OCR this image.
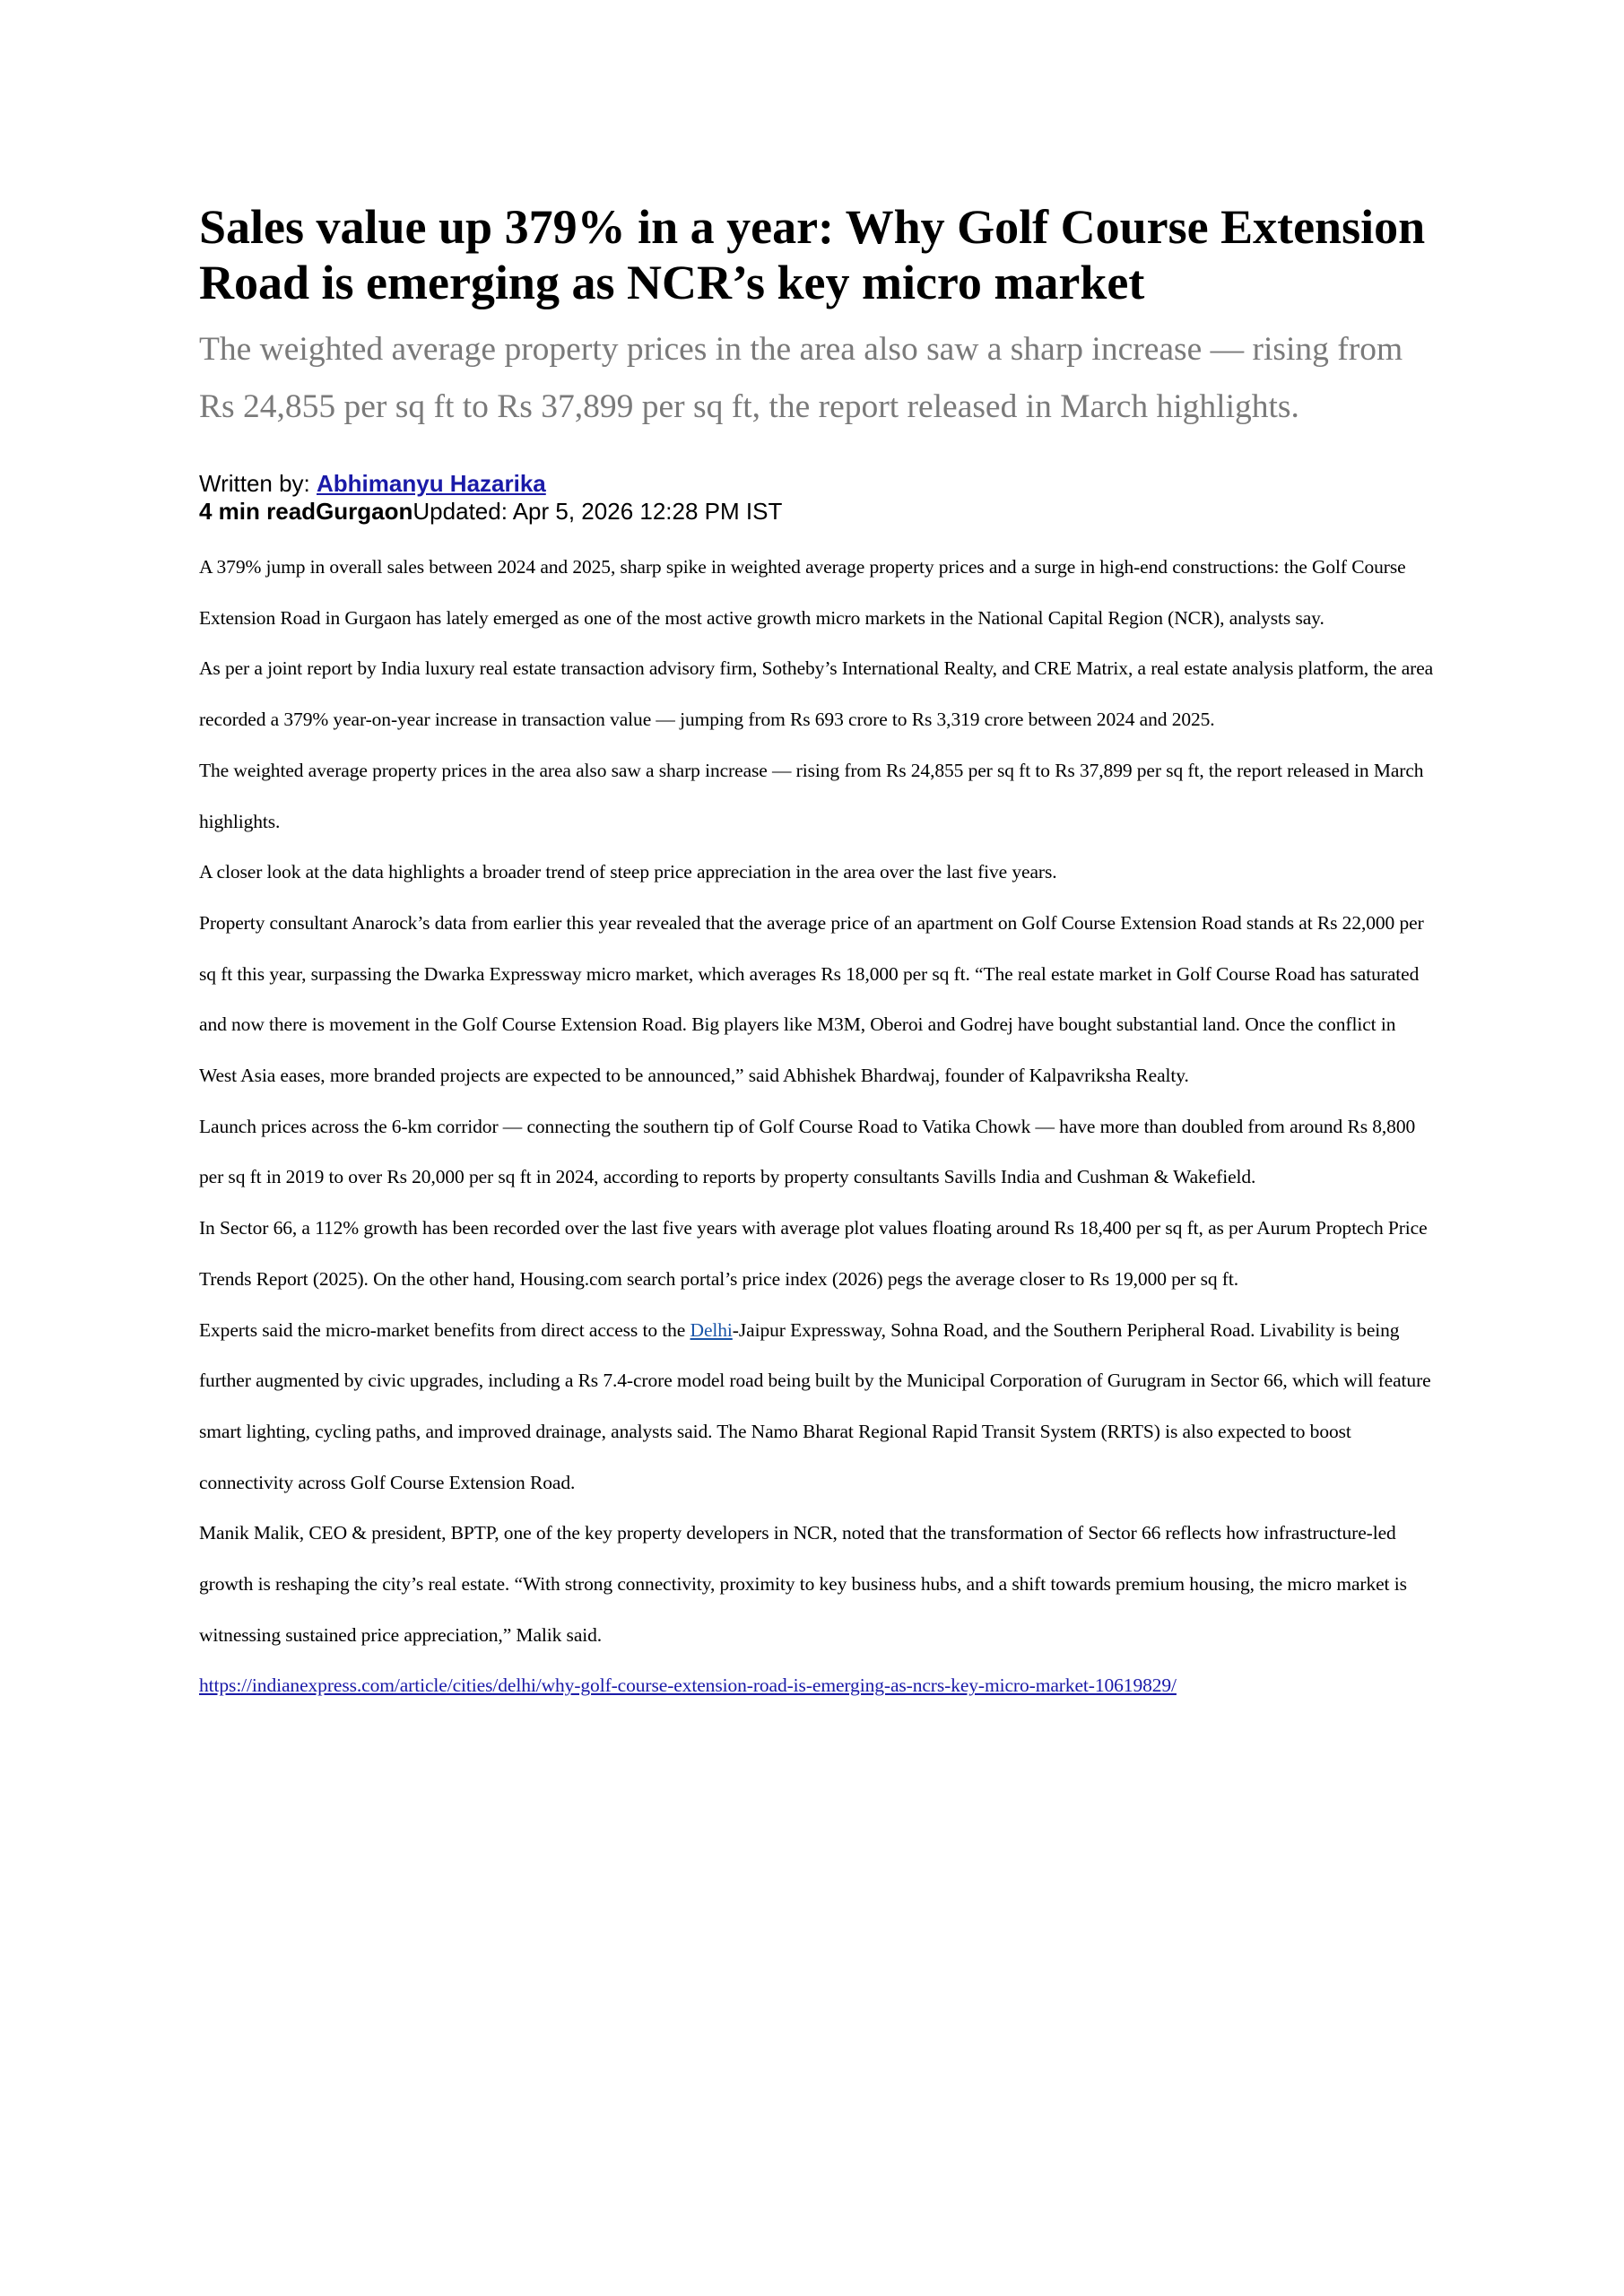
Sales value up 379% in a year: Why Golf Course Extension Road is emerging as NCR’s key micro market

The weighted average property prices in the area also saw a sharp increase — rising from Rs 24,855 per sq ft to Rs 37,899 per sq ft, the report released in March highlights.

Written by: Abhimanyu Hazarika
4 min readGurgaonUpdated: Apr 5, 2026 12:28 PM IST

A 379% jump in overall sales between 2024 and 2025, sharp spike in weighted average property prices and a surge in high-end constructions: the Golf Course Extension Road in Gurgaon has lately emerged as one of the most active growth micro markets in the National Capital Region (NCR), analysts say.

As per a joint report by India luxury real estate transaction advisory firm, Sotheby’s International Realty, and CRE Matrix, a real estate analysis platform, the area recorded a 379% year-on-year increase in transaction value — jumping from Rs 693 crore to Rs 3,319 crore between 2024 and 2025.

The weighted average property prices in the area also saw a sharp increase — rising from Rs 24,855 per sq ft to Rs 37,899 per sq ft, the report released in March highlights.

A closer look at the data highlights a broader trend of steep price appreciation in the area over the last five years.

Property consultant Anarock’s data from earlier this year revealed that the average price of an apartment on Golf Course Extension Road stands at Rs 22,000 per sq ft this year, surpassing the Dwarka Expressway micro market, which averages Rs 18,000 per sq ft. “The real estate market in Golf Course Road has saturated and now there is movement in the Golf Course Extension Road. Big players like M3M, Oberoi and Godrej have bought substantial land. Once the conflict in West Asia eases, more branded projects are expected to be announced,” said Abhishek Bhardwaj, founder of Kalpavriksha Realty.

Launch prices across the 6-km corridor — connecting the southern tip of Golf Course Road to Vatika Chowk — have more than doubled from around Rs 8,800 per sq ft in 2019 to over Rs 20,000 per sq ft in 2024, according to reports by property consultants Savills India and Cushman & Wakefield.

In Sector 66, a 112% growth has been recorded over the last five years with average plot values floating around Rs 18,400 per sq ft, as per Aurum Proptech Price Trends Report (2025). On the other hand, Housing.com search portal’s price index (2026) pegs the average closer to Rs 19,000 per sq ft.

Experts said the micro-market benefits from direct access to the Delhi-Jaipur Expressway, Sohna Road, and the Southern Peripheral Road. Livability is being further augmented by civic upgrades, including a Rs 7.4-crore model road being built by the Municipal Corporation of Gurugram in Sector 66, which will feature smart lighting, cycling paths, and improved drainage, analysts said. The Namo Bharat Regional Rapid Transit System (RRTS) is also expected to boost connectivity across Golf Course Extension Road.

Manik Malik, CEO & president, BPTP, one of the key property developers in NCR, noted that the transformation of Sector 66 reflects how infrastructure-led growth is reshaping the city’s real estate. “With strong connectivity, proximity to key business hubs, and a shift towards premium housing, the micro market is witnessing sustained price appreciation,” Malik said.

https://indianexpress.com/article/cities/delhi/why-golf-course-extension-road-is-emerging-as-ncrs-key-micro-market-10619829/
